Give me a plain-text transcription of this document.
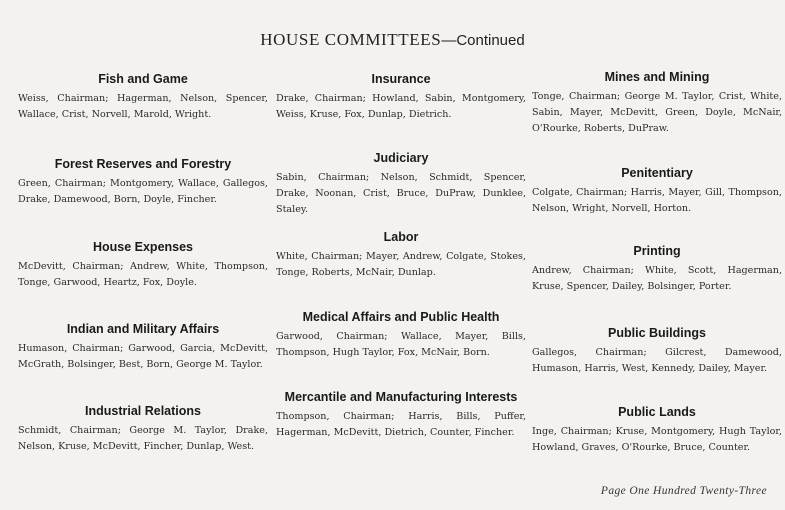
HOUSE COMMITTEES—Continued
Fish and Game

Weiss, Chairman; Hagerman, Nelson, Spencer, Wallace, Crist, Norvell, Marold, Wright.

Forest Reserves and Forestry

Green, Chairman; Montgomery, Wallace, Gallegos, Drake, Damewood, Born, Doyle, Fincher.

House Expenses

McDevitt, Chairman; Andrew, White, Thompson, Tonge, Garwood, Heartz, Fox, Doyle.

Indian and Military Affairs

Humason, Chairman; Garwood, Garcia, McDevitt, McGrath, Bolsinger, Best, Born, George M. Taylor.

Industrial Relations

Schmidt, Chairman; George M. Taylor, Drake, Nelson, Kruse, McDevitt, Fincher, Dunlap, West.

Insurance

Drake, Chairman; Howland, Sabin, Montgomery, Weiss, Kruse, Fox, Dunlap, Dietrich.

Judiciary

Sabin, Chairman; Nelson, Schmidt, Spencer, Drake, Noonan, Crist, Bruce, DuPraw, Dunklee, Staley.

Labor

White, Chairman; Mayer, Andrew, Colgate, Stokes, Tonge, Roberts, McNair, Dunlap.

Medical Affairs and Public Health

Garwood, Chairman; Wallace, Mayer, Bills, Thompson, Hugh Taylor, Fox, McNair, Born.

Mercantile and Manufacturing Interests

Thompson, Chairman; Harris, Bills, Puffer, Hagerman, McDevitt, Dietrich, Counter, Fincher.

Mines and Mining

Tonge, Chairman; George M. Taylor, Crist, White, Sabin, Mayer, McDevitt, Green, Doyle, McNair, O'Rourke, Roberts, DuPraw.

Penitentiary

Colgate, Chairman; Harris, Mayer, Gill, Thompson, Nelson, Wright, Norvell, Horton.

Printing

Andrew, Chairman; White, Scott, Hagerman, Kruse, Spencer, Dailey, Bolsinger, Porter.

Public Buildings

Gallegos, Chairman; Gilcrest, Damewood, Humason, Harris, West, Kennedy, Dailey, Mayer.

Public Lands

Inge, Chairman; Kruse, Montgomery, Hugh Taylor, Howland, Graves, O'Rourke, Bruce, Counter.

Page One Hundred Twenty-Three
